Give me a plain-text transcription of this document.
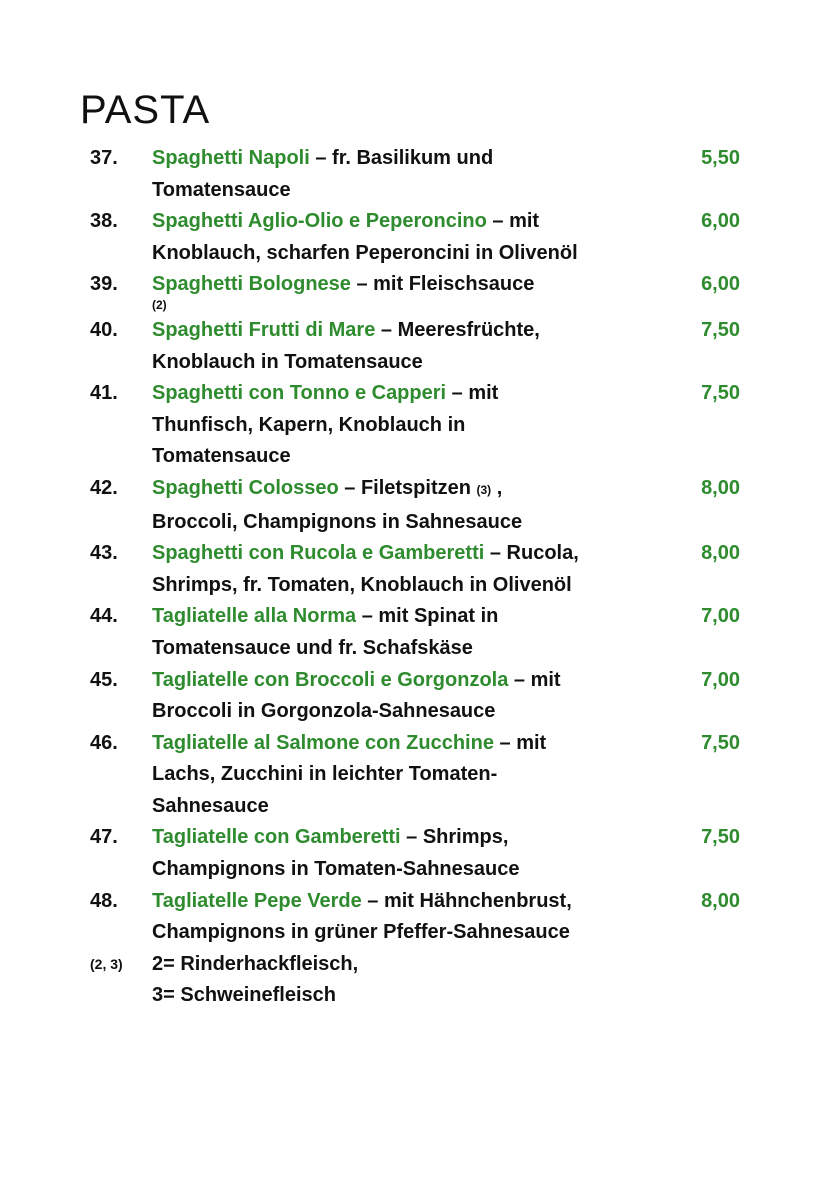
PASTA
37.	Spaghetti Napoli – fr. Basilikum und Tomatensauce
5,50
38.	Spaghetti Aglio-Olio e Peperoncino – mit Knoblauch, scharfen Peperoncini in Olivenöl
6,00
39.	Spaghetti Bolognese – mit Fleischsauce
(2)
6,00
40.	Spaghetti Frutti di Mare – Meeresfrüchte, Knoblauch in Tomatensauce
7,50
41.	Spaghetti con Tonno e Capperi – mit Thunfisch, Kapern, Knoblauch in Tomatensauce
7,50
42.	Spaghetti Colosseo – Filetspitzen (3) , Broccoli, Champignons in Sahnesauce
8,00
43.	Spaghetti con Rucola e Gamberetti – Rucola, Shrimps, fr. Tomaten, Knoblauch in Olivenöl
8,00
44.	Tagliatelle alla Norma – mit Spinat in Tomatensauce und fr. Schafskäse
7,00
45.	Tagliatelle con Broccoli e Gorgonzola – mit Broccoli in Gorgonzola-Sahnesauce
7,00
46.	Tagliatelle al Salmone con Zucchine – mit Lachs, Zucchini in leichter Tomaten-Sahnesauce
7,50
47.	Tagliatelle con Gamberetti – Shrimps, Champignons in Tomaten-Sahnesauce
7,50
48.	Tagliatelle Pepe Verde – mit Hähnchenbrust, Champignons in grüner Pfeffer-Sahnesauce
8,00
(2, 3)	2= Rinderhackfleisch,
3= Schweinefleisch
